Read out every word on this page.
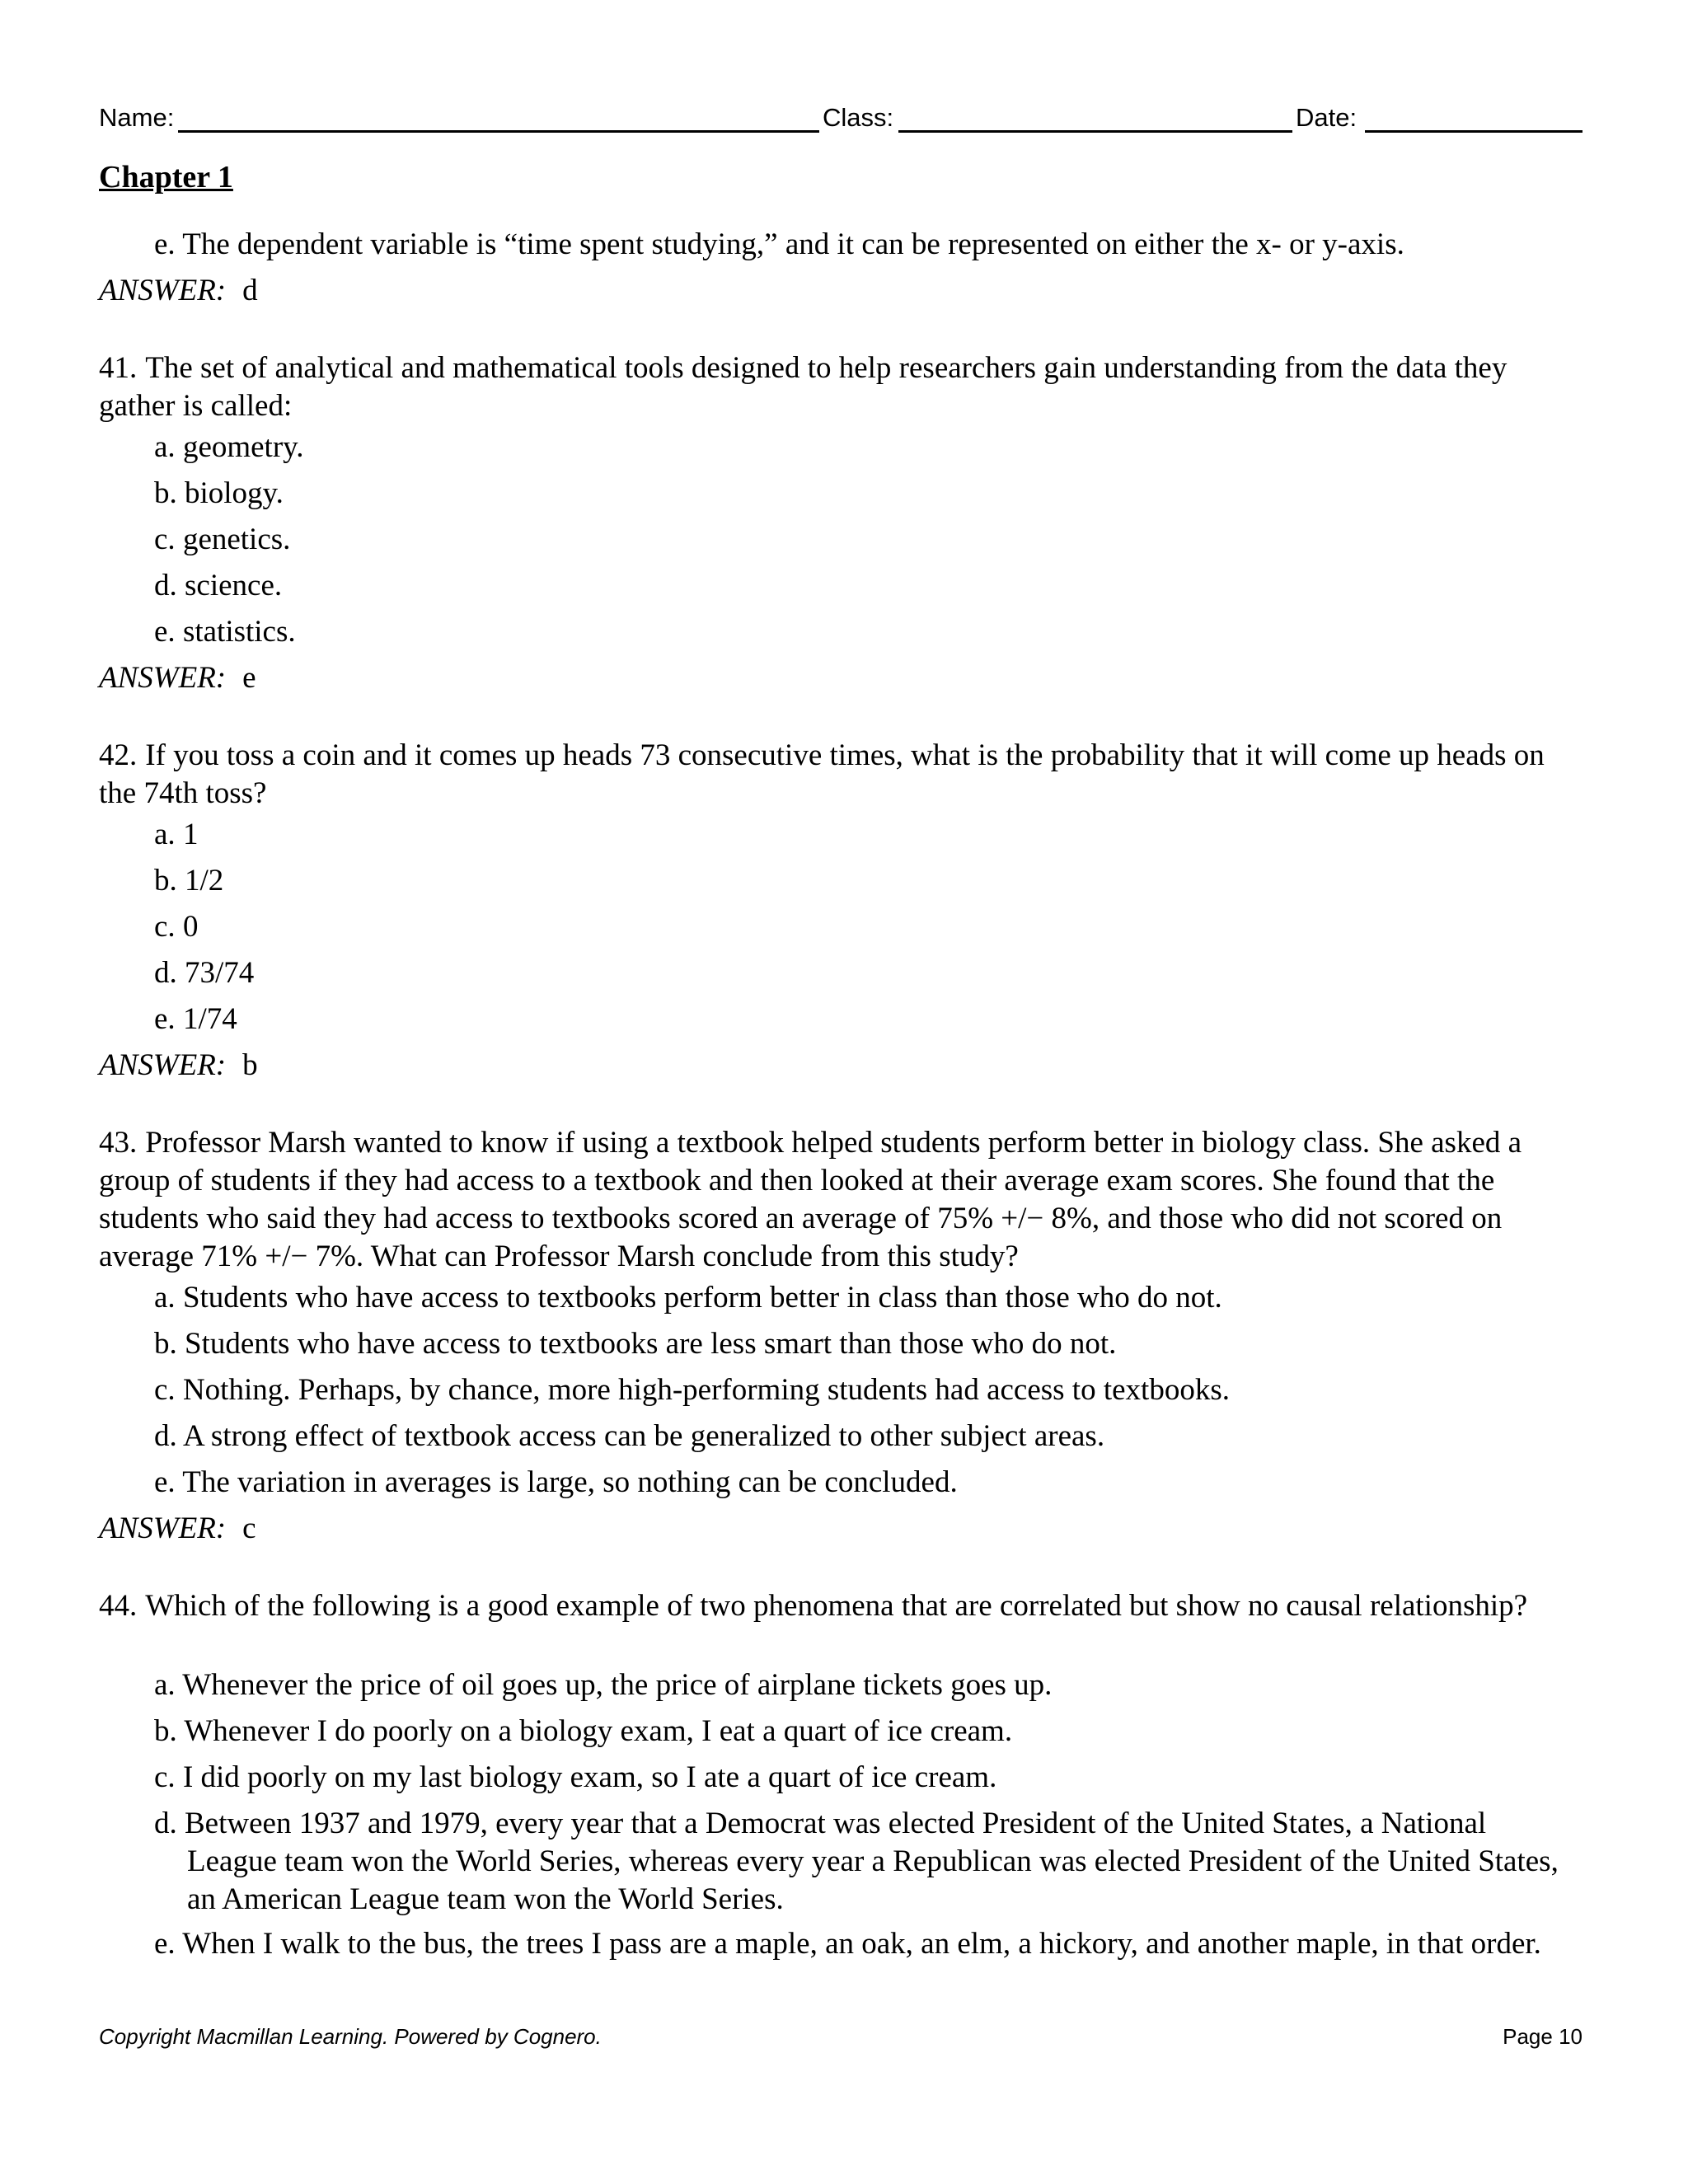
Name:	Class:	Date:
Chapter 1
e. The dependent variable is “time spent studying,” and it can be represented on either the x- or y-axis.
ANSWER: d
41. The set of analytical and mathematical tools designed to help researchers gain understanding from the data they gather is called:
a. geometry.
b. biology.
c. genetics.
d. science.
e. statistics.
ANSWER: e
42. If you toss a coin and it comes up heads 73 consecutive times, what is the probability that it will come up heads on the 74th toss?
a. 1
b. 1/2
c. 0
d. 73/74
e. 1/74
ANSWER: b
43. Professor Marsh wanted to know if using a textbook helped students perform better in biology class. She asked a group of students if they had access to a textbook and then looked at their average exam scores. She found that the students who said they had access to textbooks scored an average of 75% +/− 8%, and those who did not scored on average 71% +/− 7%. What can Professor Marsh conclude from this study?
a. Students who have access to textbooks perform better in class than those who do not.
b. Students who have access to textbooks are less smart than those who do not.
c. Nothing. Perhaps, by chance, more high-performing students had access to textbooks.
d. A strong effect of textbook access can be generalized to other subject areas.
e. The variation in averages is large, so nothing can be concluded.
ANSWER: c
44. Which of the following is a good example of two phenomena that are correlated but show no causal relationship?
a. Whenever the price of oil goes up, the price of airplane tickets goes up.
b. Whenever I do poorly on a biology exam, I eat a quart of ice cream.
c. I did poorly on my last biology exam, so I ate a quart of ice cream.
d. Between 1937 and 1979, every year that a Democrat was elected President of the United States, a National League team won the World Series, whereas every year a Republican was elected President of the United States, an American League team won the World Series.
e. When I walk to the bus, the trees I pass are a maple, an oak, an elm, a hickory, and another maple, in that order.
Copyright Macmillan Learning. Powered by Cognero.	Page 10
